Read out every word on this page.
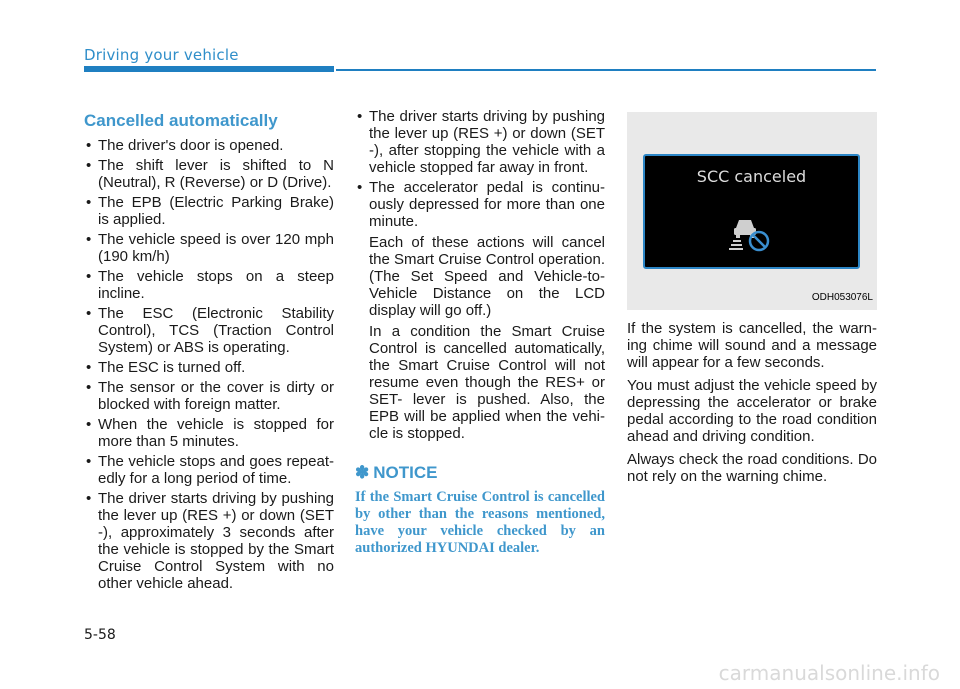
Driving your vehicle
Cancelled automatically
• The driver's door is opened.
• The shift lever is shifted to N (Neutral), R (Reverse) or D (Drive).
• The EPB (Electric Parking Brake) is applied.
• The vehicle speed is over 120 mph (190 km/h)
• The vehicle stops on a steep incline.
• The ESC (Electronic Stability Control), TCS (Traction Control System) or ABS is operating.
• The ESC is turned off.
• The sensor or the cover is dirty or blocked with foreign matter.
• When the vehicle is stopped for more than 5 minutes.
• The vehicle stops and goes repeatedly for a long period of time.
• The driver starts driving by pushing the lever up (RES +) or down (SET -), approximately 3 seconds after the vehicle is stopped by the Smart Cruise Control System with no other vehicle ahead.
• The driver starts driving by pushing the lever up (RES +) or down (SET -), after stopping the vehicle with a vehicle stopped far away in front.
• The accelerator pedal is continuously depressed for more than one minute.

Each of these actions will cancel the Smart Cruise Control operation. (The Set Speed and Vehicle-to-Vehicle Distance on the LCD display will go off.)

In a condition the Smart Cruise Control is cancelled automatically, the Smart Cruise Control will not resume even though the RES+ or SET- lever is pushed. Also, the EPB will be applied when the vehicle is stopped.

✽ NOTICE

If the Smart Cruise Control is cancelled by other than the reasons mentioned, have your vehicle checked by an authorized HYUNDAI dealer.

SCC canceled
ODH053076L

If the system is cancelled, the warning chime will sound and a message will appear for a few seconds.

You must adjust the vehicle speed by depressing the accelerator or brake pedal according to the road condition ahead and driving condition.

Always check the road conditions. Do not rely on the warning chime.

5-58
carmanualsonline.info
